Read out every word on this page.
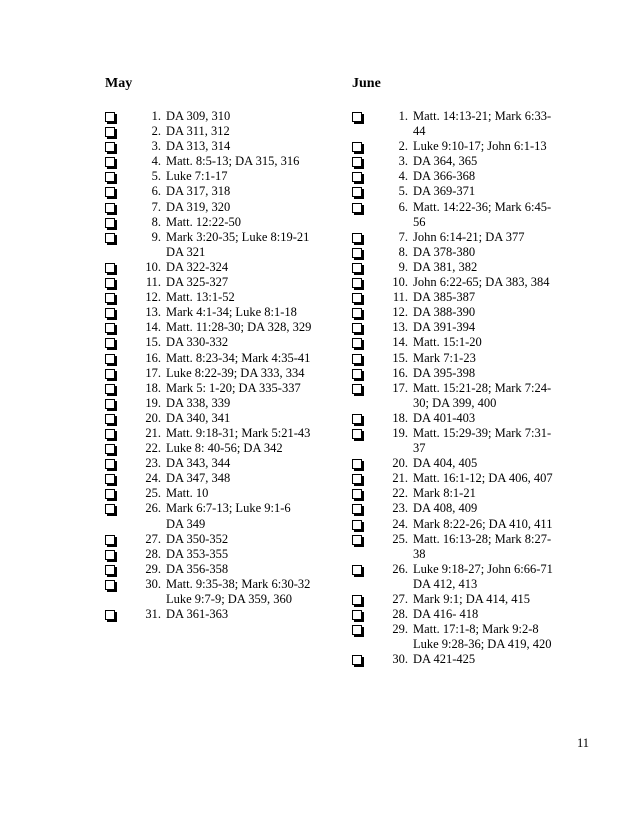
May
1. DA 309, 310
2. DA 311, 312
3. DA 313, 314
4. Matt. 8:5-13; DA 315, 316
5. Luke 7:1-17
6. DA 317, 318
7. DA 319, 320
8. Matt. 12:22-50
9. Mark 3:20-35; Luke 8:19-21
DA 321
10. DA 322-324
11. DA 325-327
12. Matt. 13:1-52
13. Mark 4:1-34; Luke 8:1-18
14. Matt. 11:28-30; DA 328, 329
15. DA 330-332
16. Matt. 8:23-34; Mark 4:35-41
17. Luke 8:22-39; DA 333, 334
18. Mark 5: 1-20; DA 335-337
19. DA 338, 339
20. DA 340, 341
21. Matt. 9:18-31; Mark 5:21-43
22. Luke 8: 40-56; DA 342
23. DA 343, 344
24. DA 347, 348
25. Matt. 10
26. Mark 6:7-13; Luke 9:1-6
DA 349
27. DA 350-352
28. DA 353-355
29. DA 356-358
30. Matt. 9:35-38; Mark 6:30-32
Luke 9:7-9; DA 359, 360
31. DA 361-363
June
1. Matt. 14:13-21; Mark 6:33-
44
2. Luke 9:10-17; John 6:1-13
3. DA 364, 365
4. DA 366-368
5. DA 369-371
6. Matt. 14:22-36; Mark 6:45-
56
7. John 6:14-21; DA 377
8. DA 378-380
9. DA 381, 382
10. John 6:22-65; DA 383, 384
11. DA 385-387
12. DA 388-390
13. DA 391-394
14. Matt. 15:1-20
15. Mark 7:1-23
16. DA 395-398
17. Matt. 15:21-28; Mark 7:24-
30; DA 399, 400
18. DA 401-403
19. Matt. 15:29-39; Mark 7:31-
37
20. DA 404, 405
21. Matt. 16:1-12; DA 406, 407
22. Mark 8:1-21
23. DA 408, 409
24. Mark 8:22-26; DA 410, 411
25. Matt. 16:13-28; Mark 8:27-
38
26. Luke 9:18-27; John 6:66-71
DA 412, 413
27. Mark 9:1; DA 414, 415
28. DA 416- 418
29. Matt. 17:1-8; Mark 9:2-8
Luke 9:28-36; DA 419, 420
30. DA 421-425
11
